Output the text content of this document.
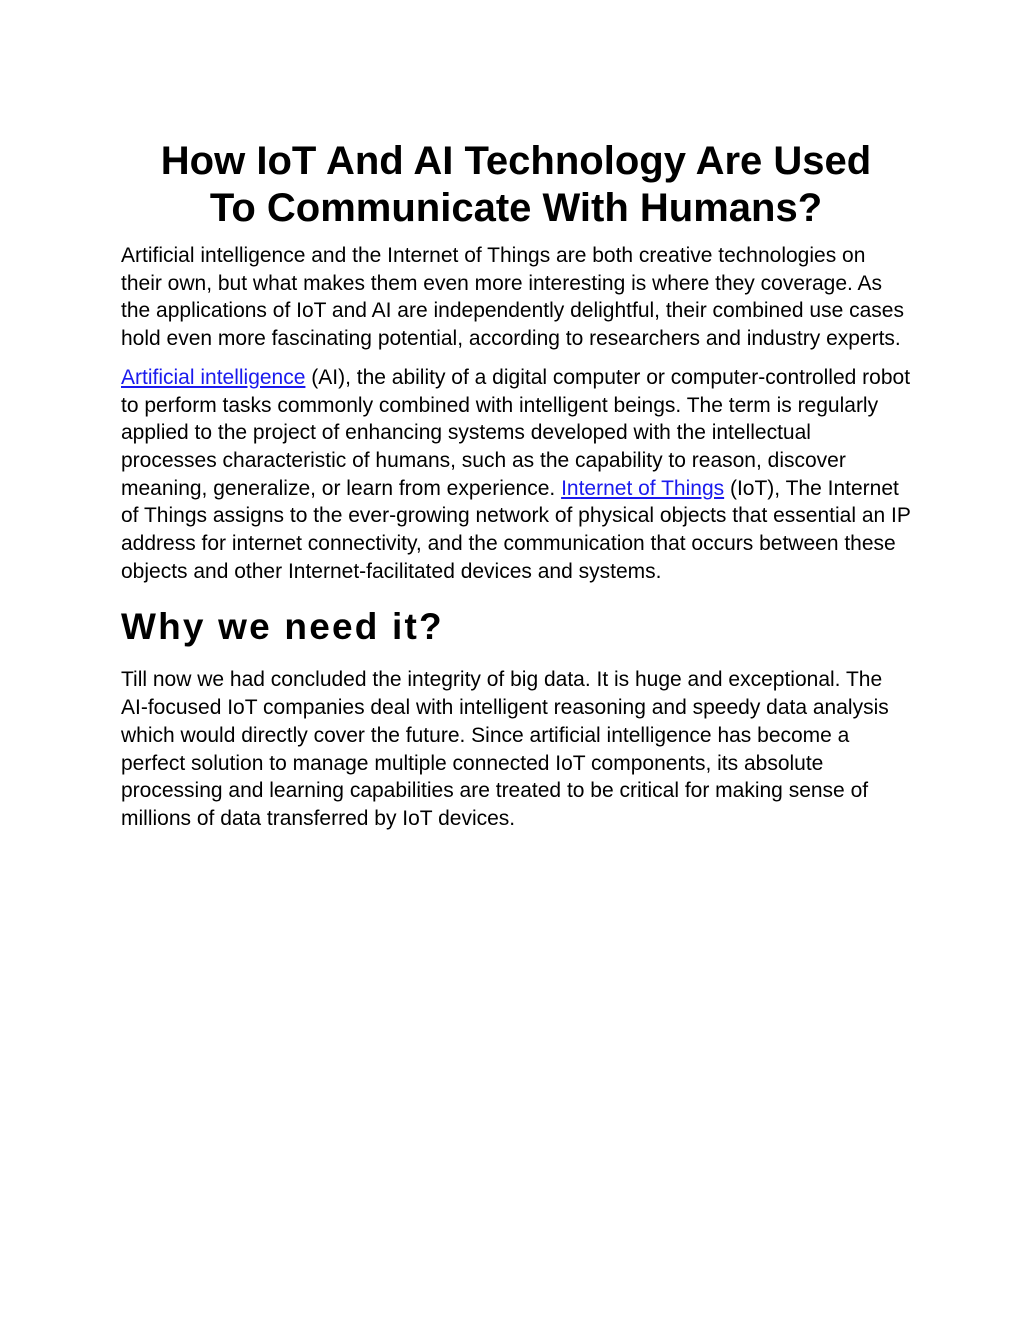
How IoT And AI Technology Are Used
To Communicate With Humans?

Artificial intelligence and the Internet of Things are both creative technologies on their own, but what makes them even more interesting is where they coverage. As the applications of IoT and AI are independently delightful, their combined use cases hold even more fascinating potential, according to researchers and industry experts.

Artificial intelligence (AI), the ability of a digital computer or computer-controlled robot to perform tasks commonly combined with intelligent beings. The term is regularly applied to the project of enhancing systems developed with the intellectual processes characteristic of humans, such as the capability to reason, discover meaning, generalize, or learn from experience. Internet of Things (IoT), The Internet of Things assigns to the ever-growing network of physical objects that essential an IP address for internet connectivity, and the communication that occurs between these objects and other Internet-facilitated devices and systems.

Why we need it?

Till now we had concluded the integrity of big data. It is huge and exceptional. The AI-focused IoT companies deal with intelligent reasoning and speedy data analysis which would directly cover the future. Since artificial intelligence has become a perfect solution to manage multiple connected IoT components, its absolute processing and learning capabilities are treated to be critical for making sense of millions of data transferred by IoT devices.
